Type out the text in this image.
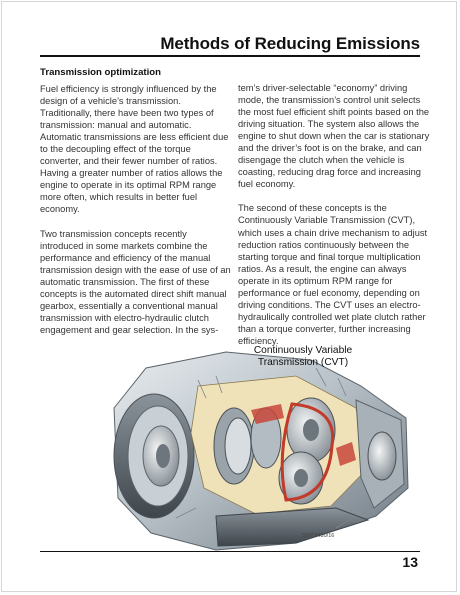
Methods of Reducing Emissions
Transmission optimization

Fuel efficiency is strongly influenced by the design of a vehicle’s transmission. Traditionally, there have been two types of transmission: manual and automatic. Automatic transmissions are less efficient due to the decoupling effect of the torque converter, and their fewer number of ratios. Having a greater number of ratios allows the engine to operate in its optimal RPM range more often, which results in better fuel economy.

Two transmission concepts recently introduced in some markets combine the performance and efficiency of the manual transmission design with the ease of use of an automatic transmission. The first of these concepts is the automated direct shift manual gearbox, essentially a conventional manual transmission with electro-hydraulic clutch engagement and gear selection. In the sys-

tem’s driver-selectable “economy” driving mode, the transmission’s control unit selects the most fuel efficient shift points based on the driving situation. The system also allows the engine to shut down when the car is stationary and the driver’s foot is on the brake, and can disengage the clutch when the vehicle is coasting, reducing drag force and increasing fuel economy.

The second of these concepts is the Continuously Variable Transmission (CVT), which uses a chain drive mechanism to adjust reduction ratios continuously between the starting torque and final torque multiplication ratios. As a result, the engine can always operate in its optimum RPM range for performance or fuel economy, depending on driving conditions. The CVT uses an electro-hydraulically controlled wet plate clutch rather than a torque converter, further increasing efficiency.

Continuously Variable
Transmission (CVT)
SSP 9430/16
13
